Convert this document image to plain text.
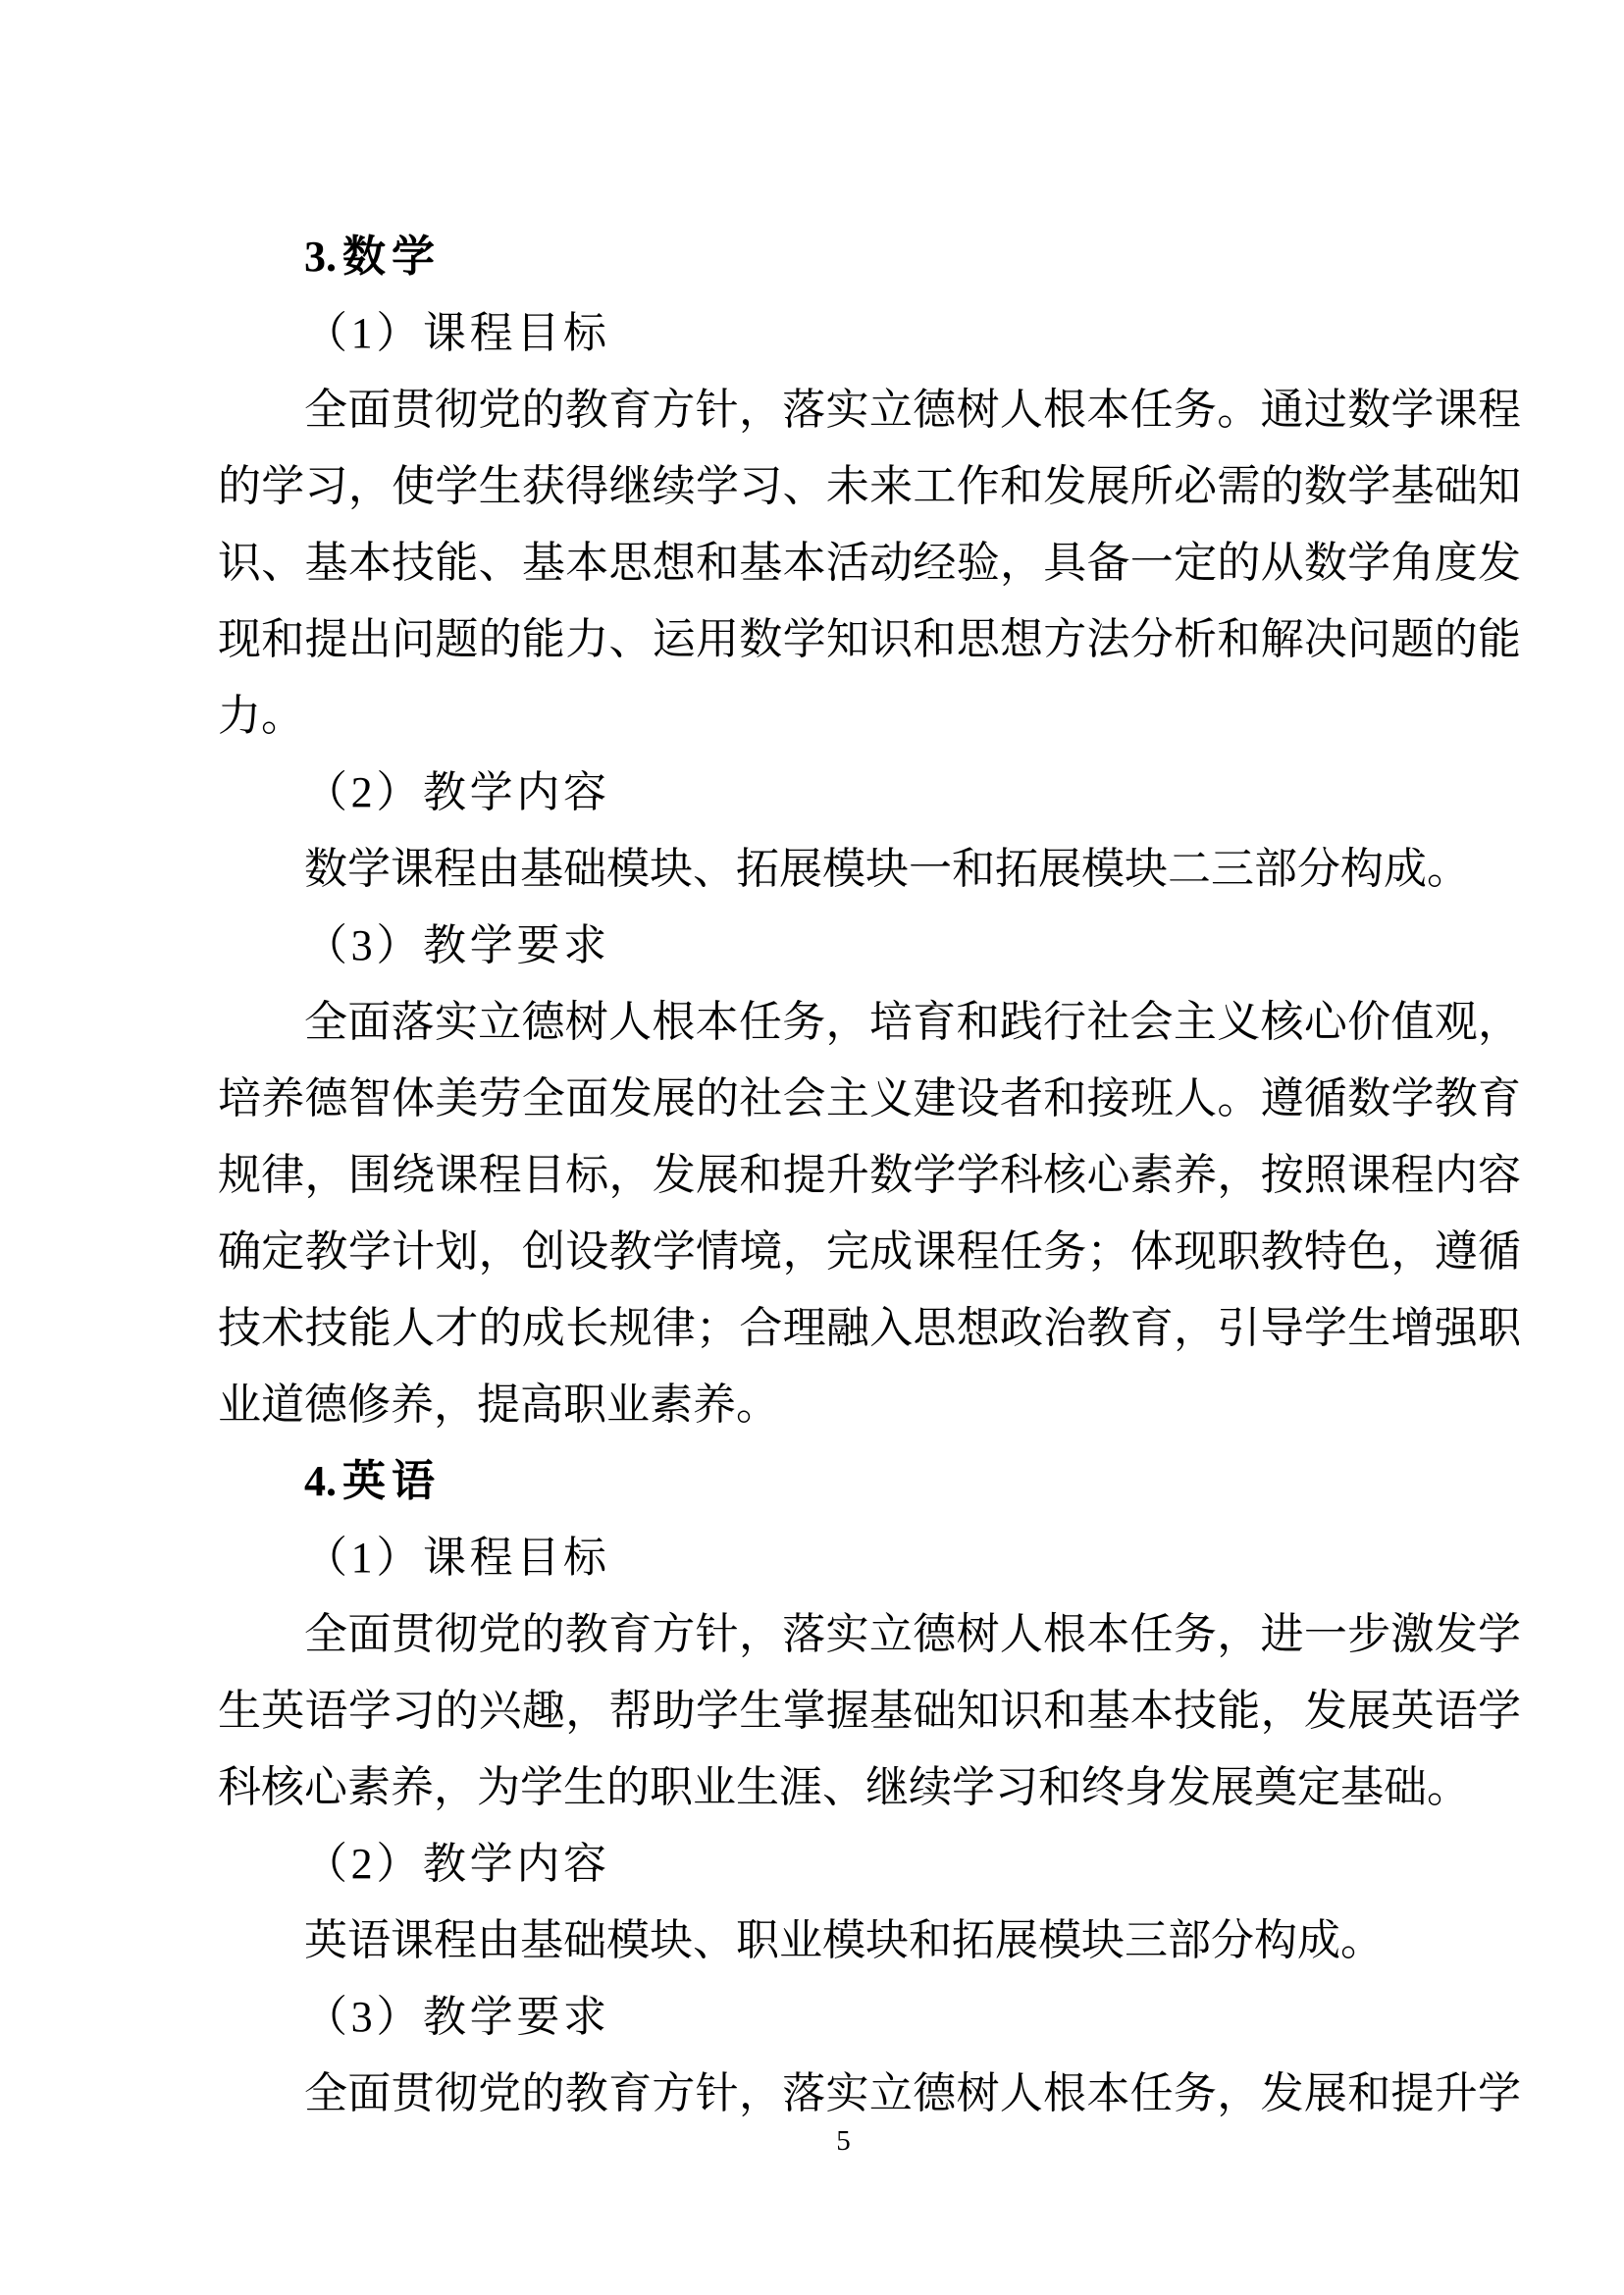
3.数学
（1）课程目标
全面贯彻党的教育方针，落实立德树人根本任务。通过数学课程
的学习，使学生获得继续学习、未来工作和发展所必需的数学基础知
识、基本技能、基本思想和基本活动经验，具备一定的从数学角度发
现和提出问题的能力、运用数学知识和思想方法分析和解决问题的能
力。
（2）教学内容
数学课程由基础模块、拓展模块一和拓展模块二三部分构成。
（3）教学要求
全面落实立德树人根本任务，培育和践行社会主义核心价值观，
培养德智体美劳全面发展的社会主义建设者和接班人。遵循数学教育
规律，围绕课程目标，发展和提升数学学科核心素养，按照课程内容
确定教学计划，创设教学情境，完成课程任务；体现职教特色，遵循
技术技能人才的成长规律；合理融入思想政治教育，引导学生增强职
业道德修养，提高职业素养。
4.英语
（1）课程目标
全面贯彻党的教育方针，落实立德树人根本任务，进一步激发学
生英语学习的兴趣，帮助学生掌握基础知识和基本技能，发展英语学
科核心素养，为学生的职业生涯、继续学习和终身发展奠定基础。
（2）教学内容
英语课程由基础模块、职业模块和拓展模块三部分构成。
（3）教学要求
全面贯彻党的教育方针，落实立德树人根本任务，发展和提升学
5
